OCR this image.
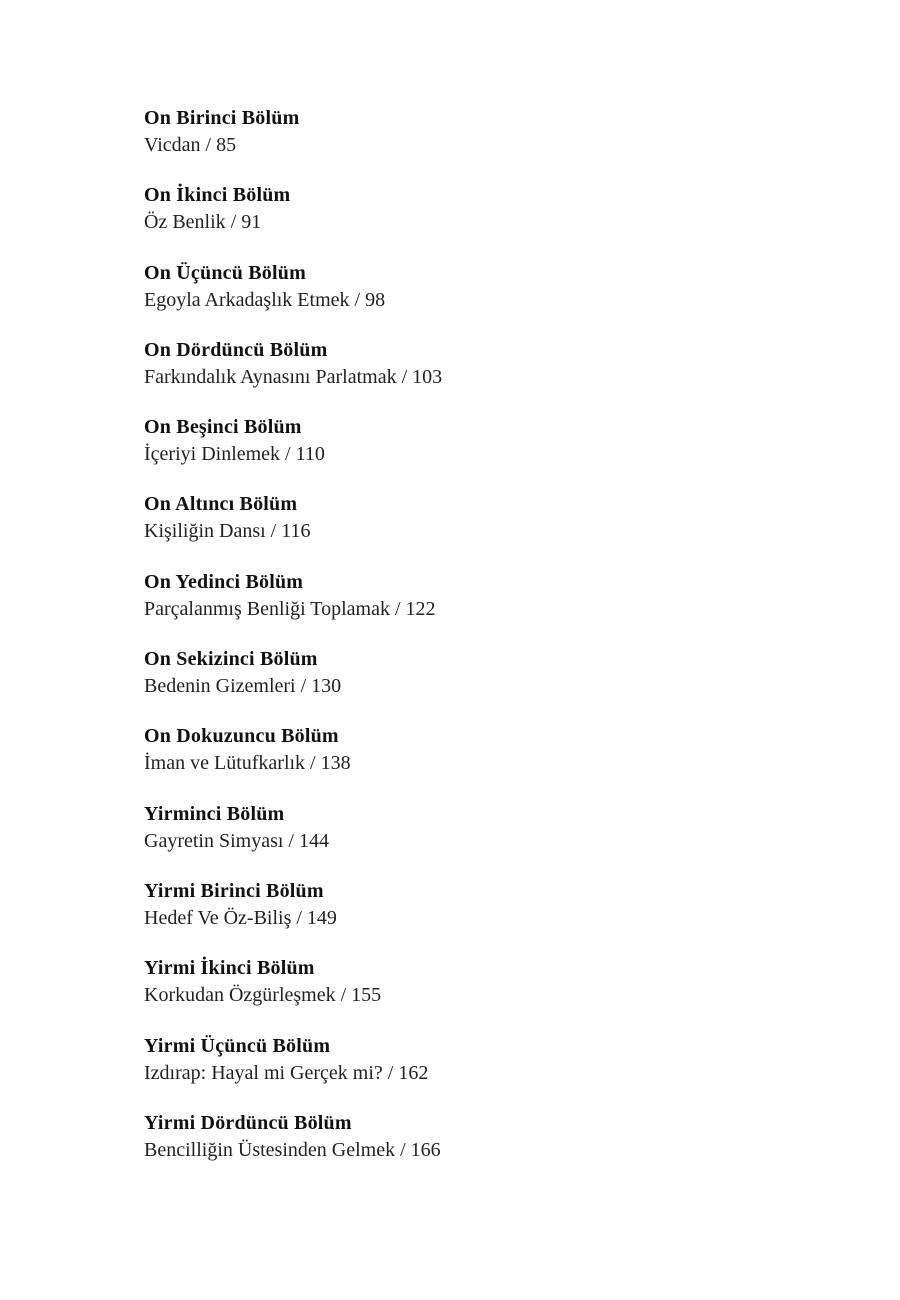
On Birinci Bölüm
Vicdan / 85
On İkinci Bölüm
Öz Benlik / 91
On Üçüncü Bölüm
Egoyla Arkadaşlık Etmek / 98
On Dördüncü Bölüm
Farkındalık Aynasını Parlatmak / 103
On Beşinci Bölüm
İçeriyi Dinlemek / 110
On Altıncı Bölüm
Kişiliğin Dansı / 116
On Yedinci Bölüm
Parçalanmış Benliği Toplamak / 122
On Sekizinci Bölüm
Bedenin Gizemleri / 130
On Dokuzuncu Bölüm
İman ve Lütufkarlık / 138
Yirminci Bölüm
Gayretin Simyası / 144
Yirmi Birinci Bölüm
Hedef Ve Öz-Biliş / 149
Yirmi İkinci Bölüm
Korkudan Özgürleşmek / 155
Yirmi Üçüncü Bölüm
Izdırap: Hayal mi Gerçek mi? / 162
Yirmi Dördüncü Bölüm
Bencilliğin Üstesinden Gelmek / 166
